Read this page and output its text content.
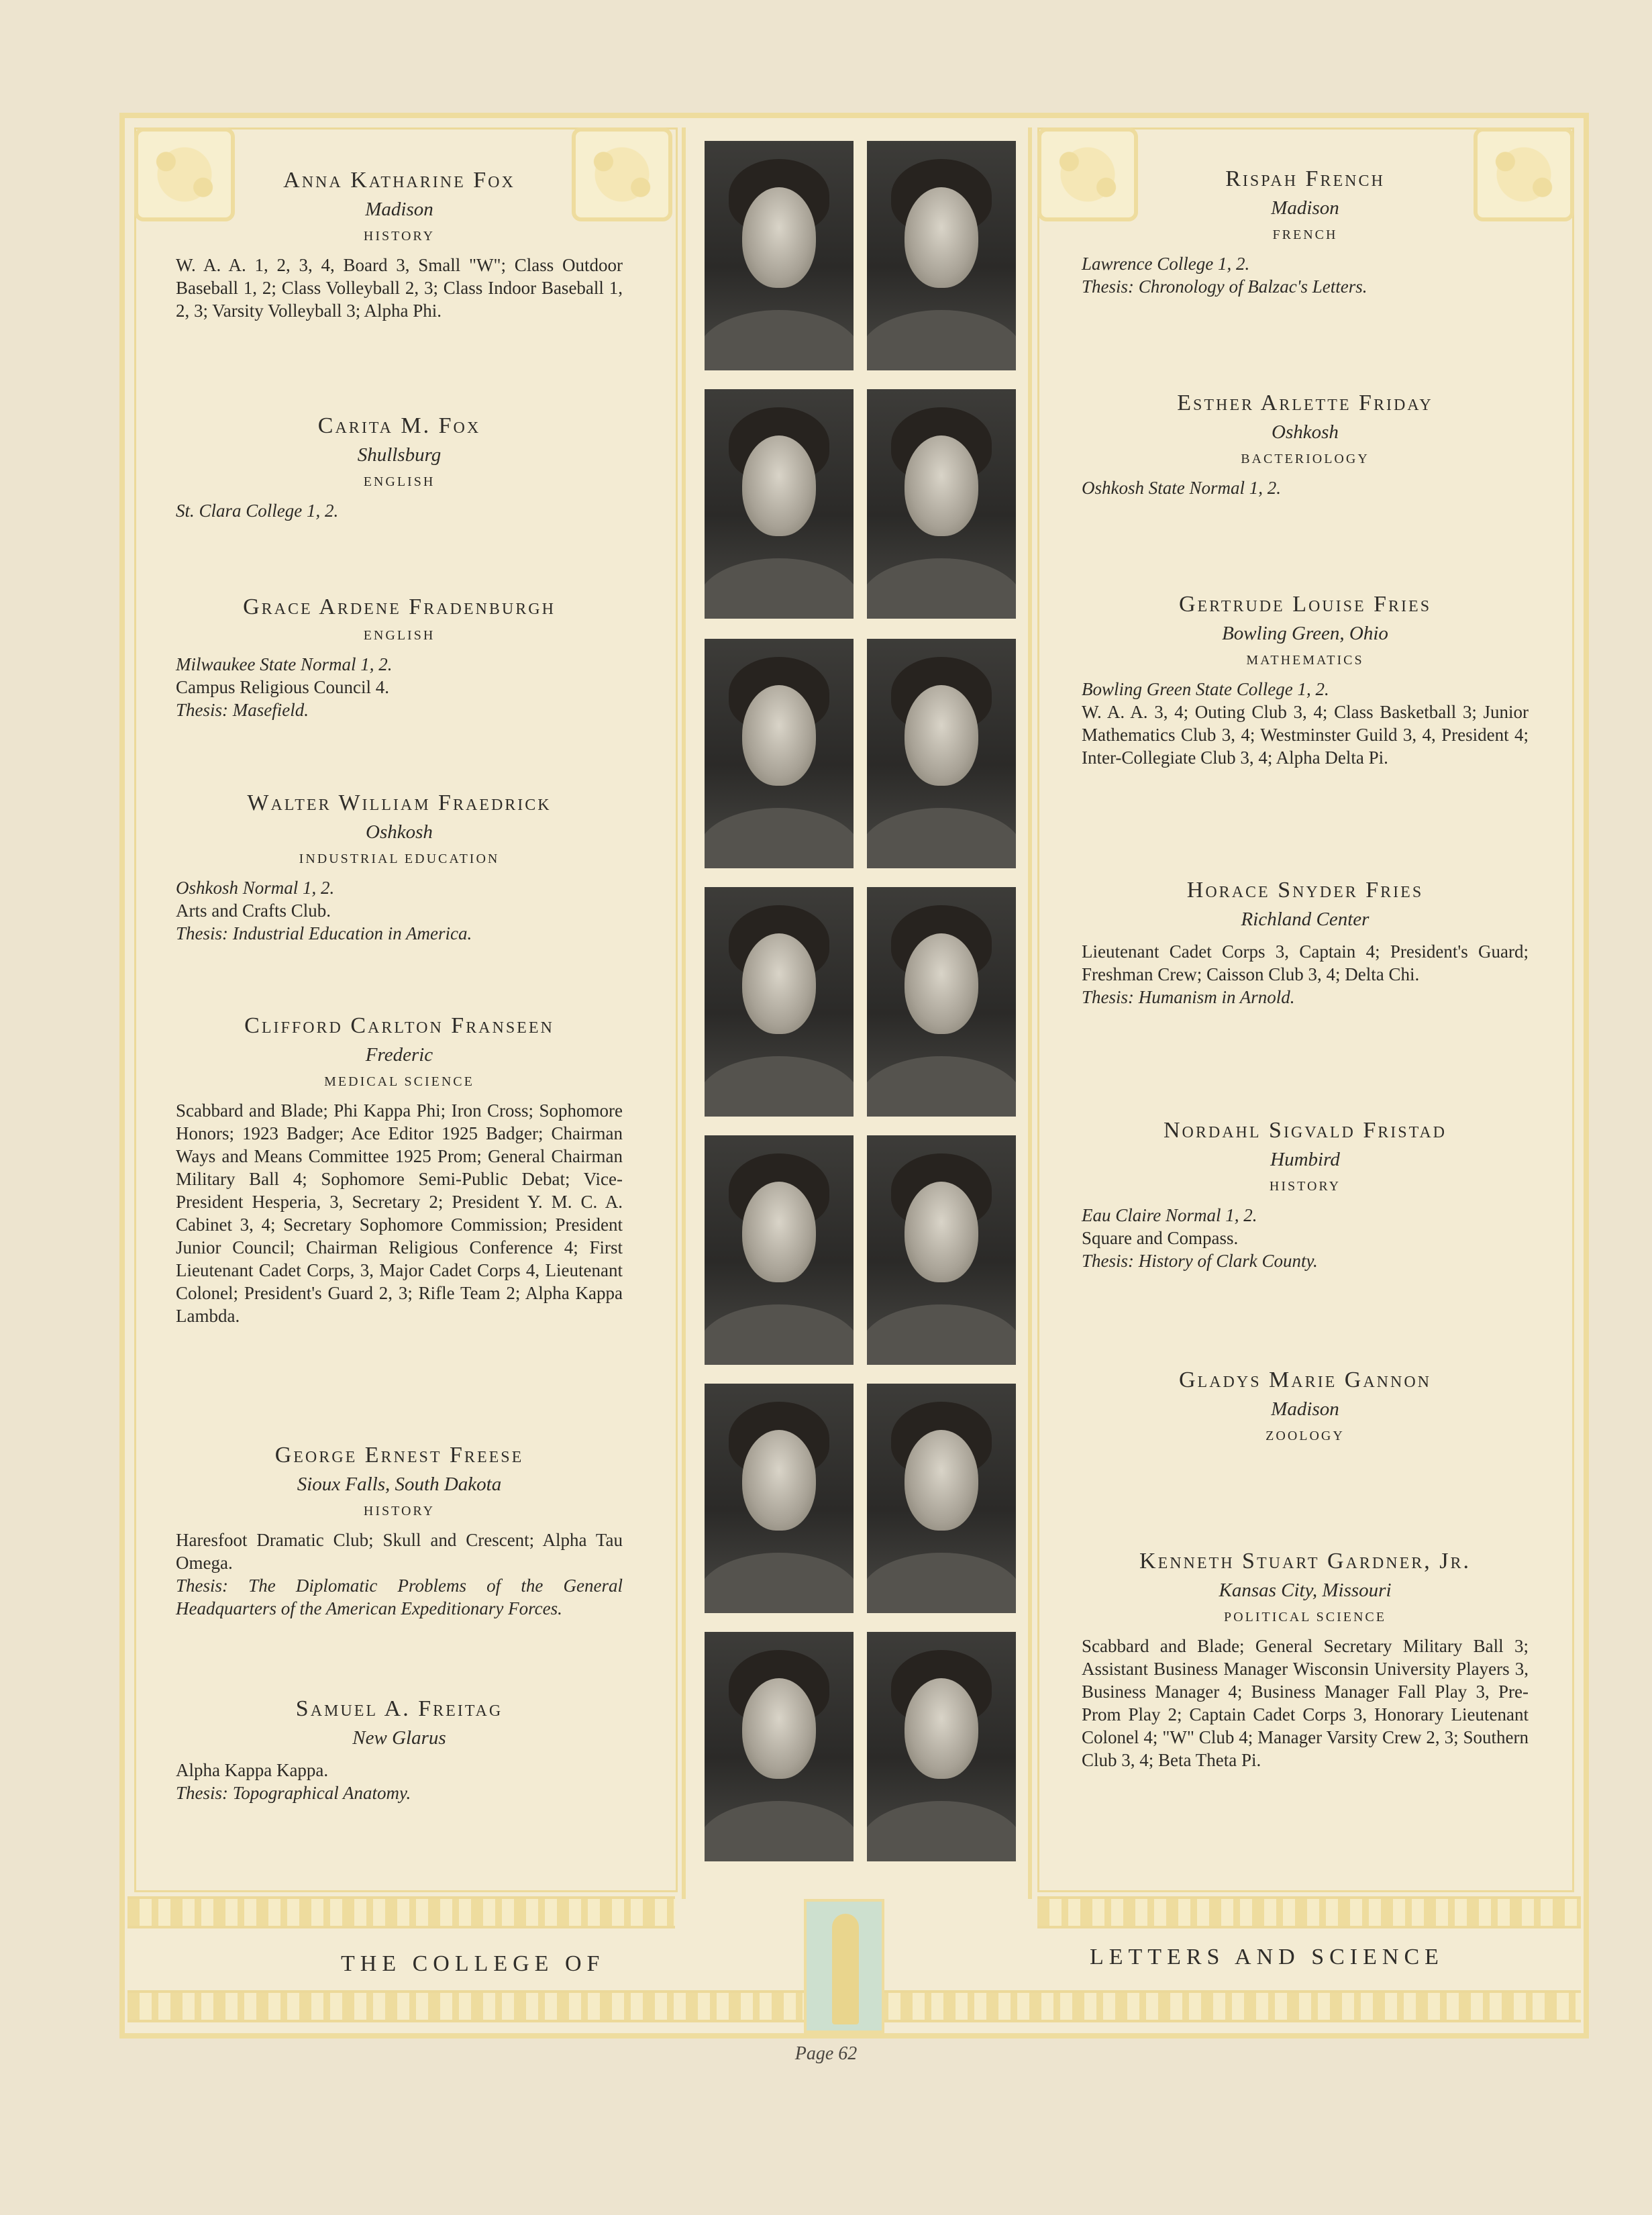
Anna Katharine Fox
Madison
HISTORY
W. A. A. 1, 2, 3, 4, Board 3, Small "W"; Class Outdoor Baseball 1, 2; Class Volleyball 2, 3; Class Indoor Baseball 1, 2, 3; Varsity Volleyball 3; Alpha Phi.
Carita M. Fox
Shullsburg
ENGLISH
St. Clara College 1, 2.
Grace Ardene Fradenburgh
ENGLISH
Milwaukee State Normal 1, 2.
Campus Religious Council 4.
Thesis: Masefield.
Walter William Fraedrick
Oshkosh
INDUSTRIAL EDUCATION
Oshkosh Normal 1, 2.
Arts and Crafts Club.
Thesis: Industrial Education in America.
Clifford Carlton Franseen
Frederic
MEDICAL SCIENCE
Scabbard and Blade; Phi Kappa Phi; Iron Cross; Sophomore Honors; 1923 Badger; Ace Editor 1925 Badger; Chairman Ways and Means Committee 1925 Prom; General Chairman Military Ball 4; Sophomore Semi-Public Debat; Vice-President Hesperia, 3, Secretary 2; President Y. M. C. A. Cabinet 3, 4; Secretary Sophomore Commission; President Junior Council; Chairman Religious Conference 4; First Lieutenant Cadet Corps, 3, Major Cadet Corps 4, Lieutenant Colonel; President's Guard 2, 3; Rifle Team 2; Alpha Kappa Lambda.
George Ernest Freese
Sioux Falls, South Dakota
HISTORY
Haresfoot Dramatic Club; Skull and Crescent; Alpha Tau Omega.
Thesis: The Diplomatic Problems of the General Headquarters of the American Expeditionary Forces.
Samuel A. Freitag
New Glarus
Alpha Kappa Kappa.
Thesis: Topographical Anatomy.
Rispah French
Madison
FRENCH
Lawrence College 1, 2.
Thesis: Chronology of Balzac's Letters.
Esther Arlette Friday
Oshkosh
BACTERIOLOGY
Oshkosh State Normal 1, 2.
Gertrude Louise Fries
Bowling Green, Ohio
MATHEMATICS
Bowling Green State College 1, 2.
W. A. A. 3, 4; Outing Club 3, 4; Class Basketball 3; Junior Mathematics Club 3, 4; Westminster Guild 3, 4, President 4; Inter-Collegiate Club 3, 4; Alpha Delta Pi.
Horace Snyder Fries
Richland Center
Lieutenant Cadet Corps 3, Captain 4; President's Guard; Freshman Crew; Caisson Club 3, 4; Delta Chi.
Thesis: Humanism in Arnold.
Nordahl Sigvald Fristad
Humbird
HISTORY
Eau Claire Normal 1, 2.
Square and Compass.
Thesis: History of Clark County.
Gladys Marie Gannon
Madison
ZOOLOGY
Kenneth Stuart Gardner, Jr.
Kansas City, Missouri
POLITICAL SCIENCE
Scabbard and Blade; General Secretary Military Ball 3; Assistant Business Manager Wisconsin University Players 3, Business Manager 4; Business Manager Fall Play 3, Pre-Prom Play 2; Captain Cadet Corps 3, Honorary Lieutenant Colonel 4; "W" Club 4; Manager Varsity Crew 2, 3; Southern Club 3, 4; Beta Theta Pi.
THE COLLEGE OF	LETTERS AND SCIENCE
Page 62
